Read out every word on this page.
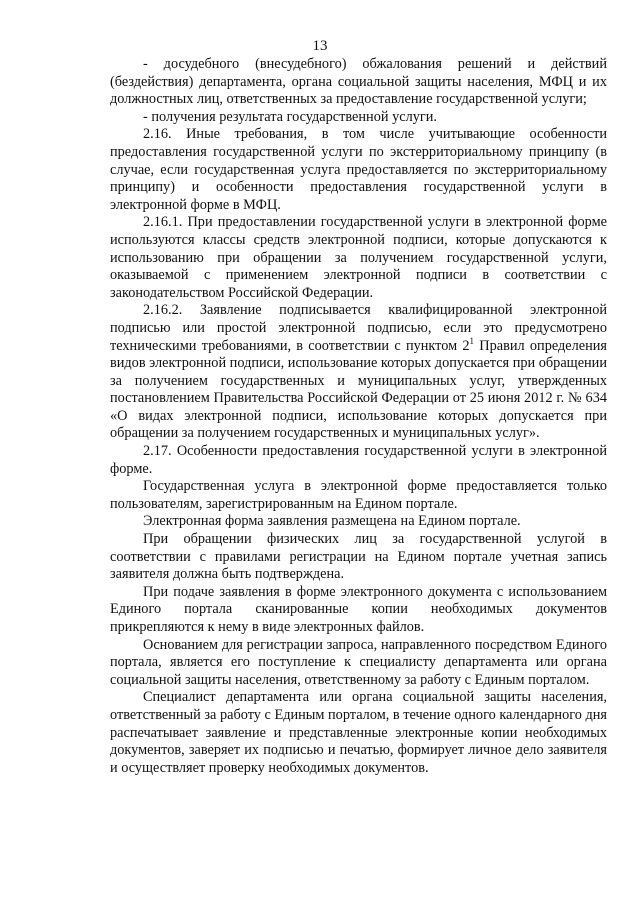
13

- досудебного (внесудебного) обжалования решений и действий (бездействия) департамента, органа социальной защиты населения, МФЦ и их должностных лиц, ответственных за предоставление государственной услуги;

- получения результата государственной услуги.

2.16. Иные требования, в том числе учитывающие особенности предоставления государственной услуги по экстерриториальному принципу (в случае, если государственная услуга предоставляется по экстерриториальному принципу) и особенности предоставления государственной услуги в электронной форме в МФЦ.

2.16.1. При предоставлении государственной услуги в электронной форме используются классы средств электронной подписи, которые допускаются к использованию при обращении за получением государственной услуги, оказываемой с применением электронной подписи в соответствии с законодательством Российской Федерации.

2.16.2. Заявление подписывается квалифицированной электронной подписью или простой электронной подписью, если это предусмотрено техническими требованиями, в соответствии с пунктом $2^1$ Правил определения видов электронной подписи, использование которых допускается при обращении за получением государственных и муниципальных услуг, утвержденных постановлением Правительства Российской Федерации от 25 июня 2012 г. № 634 «О видах электронной подписи, использование которых допускается при обращении за получением государственных и муниципальных услуг».

2.17. Особенности предоставления государственной услуги в электронной форме.

Государственная услуга в электронной форме предоставляется только пользователям, зарегистрированным на Едином портале.

Электронная форма заявления размещена на Едином портале.

При обращении физических лиц за государственной услугой в соответствии с правилами регистрации на Едином портале учетная запись заявителя должна быть подтверждена.

При подаче заявления в форме электронного документа с использованием Единого портала сканированные копии необходимых документов прикрепляются к нему в виде электронных файлов.

Основанием для регистрации запроса, направленного посредством Единого портала, является его поступление к специалисту департамента или органа социальной защиты населения, ответственному за работу с Единым порталом.

Специалист департамента или органа социальной защиты населения, ответственный за работу с Единым порталом, в течение одного календарного дня распечатывает заявление и представленные электронные копии необходимых документов, заверяет их подписью и печатью, формирует личное дело заявителя и осуществляет проверку необходимых документов.
